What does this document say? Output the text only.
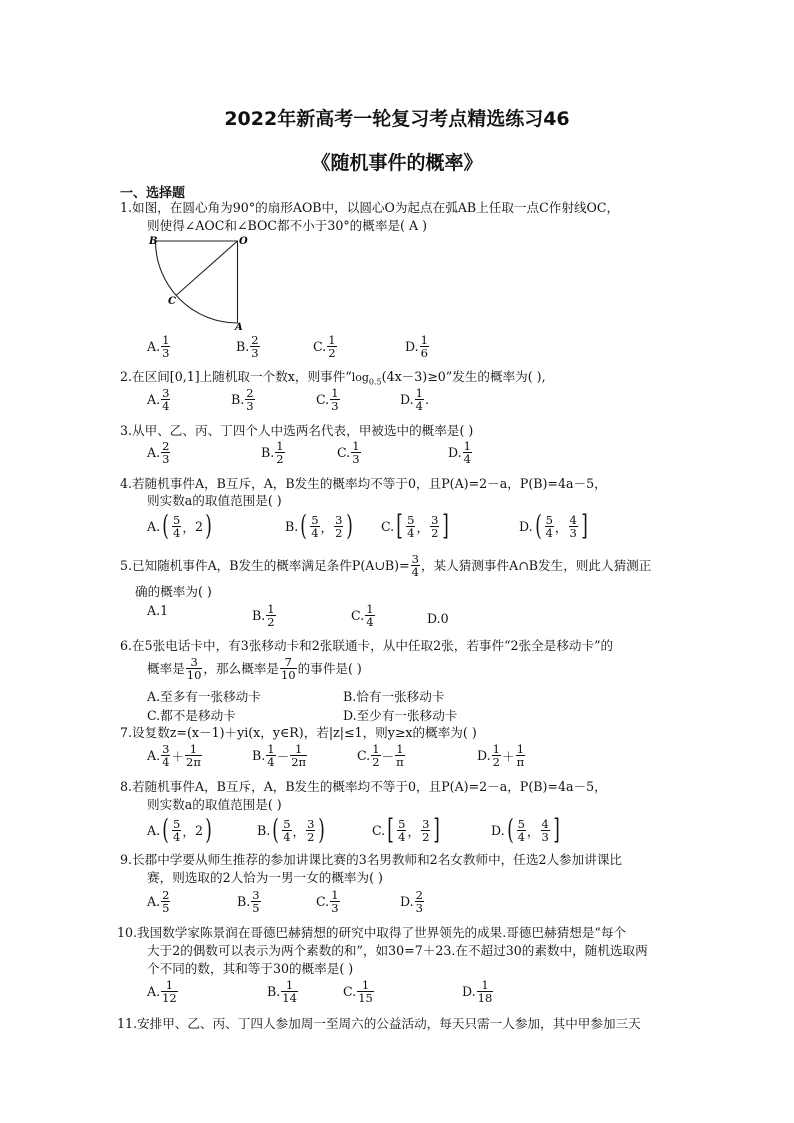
2022年新高考一轮复习考点精选练习46
《随机事件的概率》
一、选择题
1.如图，在圆心角为90°的扇形AOB中，以圆心O为起点在弧AB上任取一点C作射线OC，
则使得∠AOC和∠BOC都不小于30°的概率是( A )
B	O
C
A
A. $\frac{1}{3}$	B. $\frac{2}{3}$	C. $\frac{1}{2}$	D. $\frac{1}{6}$
2.在区间[0,1]上随机取一个数x，则事件“$\log_{0.5}(4x-3)\ge 0$”发生的概率为( ),
A. $\frac{3}{4}$	B. $\frac{2}{3}$	C. $\frac{1}{3}$	D. $\frac{1}{4}$ .
3.从甲、乙、丙、丁四个人中选两名代表，甲被选中的概率是( )
A. $\frac{2}{3}$	B. $\frac{1}{2}$	C. $\frac{1}{3}$	D. $\frac{1}{4}$
4.若随机事件A，B互斥，A，B发生的概率均不等于0，且P(A)=2－a，P(B)=4a－5，
则实数a的取值范围是( )
A. ( $\frac{5}{4}$ ， 2 )	B. ( $\frac{5}{4}$ ， $\frac{3}{2}$ ) C. [ $\frac{5}{4}$ ， $\frac{3}{2}$ ]	D. ( $\frac{5}{4}$ ， $\frac{4}{3}$ ]
5.已知随机事件A，B发生的概率满足条件P(A∪B)= $\frac{3}{4}$ ，某人猜测事件A∩B发生，则此人猜测正
确的概率为( )
A. 1	B. $\frac{1}{2}$	C. $\frac{1}{4}$	D. 0
6.在5张电话卡中，有3张移动卡和2张联通卡，从中任取2张，若事件“2张全是移动卡”的
概率是 $\frac{3}{10}$ ，那么概率是 $\frac{7}{10}$ 的事件是( )
A.至多有一张移动卡	B.恰有一张移动卡
C.都不是移动卡	D.至少有一张移动卡
7.设复数z=(x－1)＋yi(x，y∈R)，若|z|≤1，则y≥x的概率为( )
A. $\frac{3}{4} + \frac{1}{2\pi}$	B. $\frac{1}{4} - \frac{1}{2\pi}$	C. $\frac{1}{2} - \frac{1}{\pi}$	D. $\frac{1}{2} + \frac{1}{\pi}$
8.若随机事件A，B互斥，A，B发生的概率均不等于0，且P(A)=2－a，P(B)=4a－5，
则实数a的取值范围是( )
A. ( $\frac{5}{4}$ ， 2 )	B. ( $\frac{5}{4}$ ， $\frac{3}{2}$ )	C. [ $\frac{5}{4}$ ， $\frac{3}{2}$ ]	D. ( $\frac{5}{4}$ ， $\frac{4}{3}$ ]
9.长郡中学要从师生推荐的参加讲课比赛的3名男教师和2名女教师中，任选2人参加讲课比
赛，则选取的2人恰为一男一女的概率为( )
A. $\frac{2}{5}$	B. $\frac{3}{5}$	C. $\frac{1}{3}$	D. $\frac{2}{3}$
10.我国数学家陈景润在哥德巴赫猜想的研究中取得了世界领先的成果.哥德巴赫猜想是“每个
大于2的偶数可以表示为两个素数的和”，如30=7＋23.在不超过30的素数中，随机选取两
个不同的数，其和等于30的概率是( )
A. $\frac{1}{12}$	B. $\frac{1}{14}$	C. $\frac{1}{15}$	D. $\frac{1}{18}$
11.安排甲、乙、丙、丁四人参加周一至周六的公益活动，每天只需一人参加，其中甲参加三天
